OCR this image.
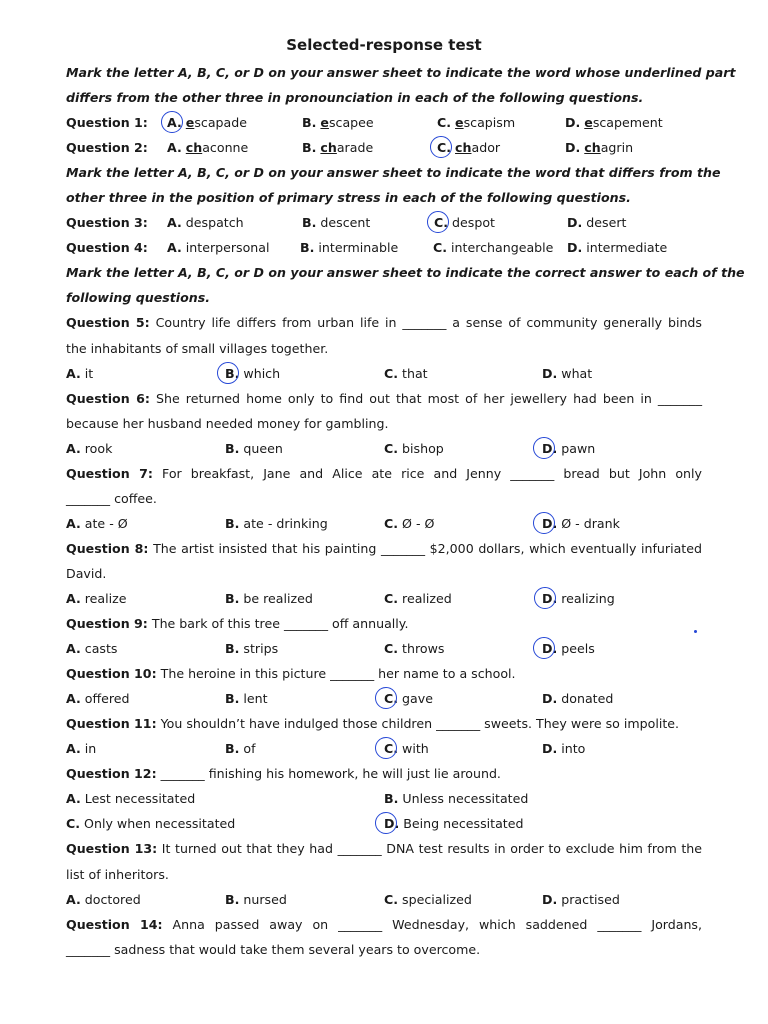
Selected-response test
Mark the letter A, B, C, or D on your answer sheet to indicate the word whose underlined part
differs from the other three in pronounciation in each of the following questions.
Question 1: A. escapade	B. escapee	C. escapism	D. escapement
Question 2: A. chaconne	B. charade	C. chador	D. chagrin
Mark the letter A, B, C, or D on your answer sheet to indicate the word that differs from the
other three in the position of primary stress in each of the following questions.
Question 3: A. despatch	B. descent	C. despot	D. desert
Question 4: A. interpersonal B. interminable	C. interchangeable D. intermediate
Mark the letter A, B, C, or D on your answer sheet to indicate the correct answer to each of the
following questions.
Question 5: Country life differs from urban life in _______ a sense of community generally binds
the inhabitants of small villages together.
A. it	B. which	C. that	D. what
Question 6: She returned home only to find out that most of her jewellery had been in _______
because her husband needed money for gambling.
A. rook	B. queen	C. bishop	D. pawn
Question 7: For breakfast, Jane and Alice ate rice and Jenny _______ bread but John only
_______ coffee.
A. ate - Ø	B. ate - drinking	C. Ø - Ø	D. Ø - drank
Question 8: The artist insisted that his painting _______ $2,000 dollars, which eventually infuriated
David.
A. realize	B. be realized	C. realized	D. realizing
Question 9: The bark of this tree _______ off annually.
A. casts	B. strips	C. throws	D. peels
Question 10: The heroine in this picture _______ her name to a school.
A. offered	B. lent	C. gave	D. donated
Question 11: You shouldn’t have indulged those children _______ sweets. They were so impolite.
A. in	B. of	C. with	D. into
Question 12: _______ finishing his homework, he will just lie around.
A. Lest necessitated	B. Unless necessitated
C. Only when necessitated	D. Being necessitated
Question 13: It turned out that they had _______ DNA test results in order to exclude him from the
list of inheritors.
A. doctored	B. nursed	C. specialized	D. practised
Question 14: Anna passed away on _______ Wednesday, which saddened _______ Jordans,
_______ sadness that would take them several years to overcome.
